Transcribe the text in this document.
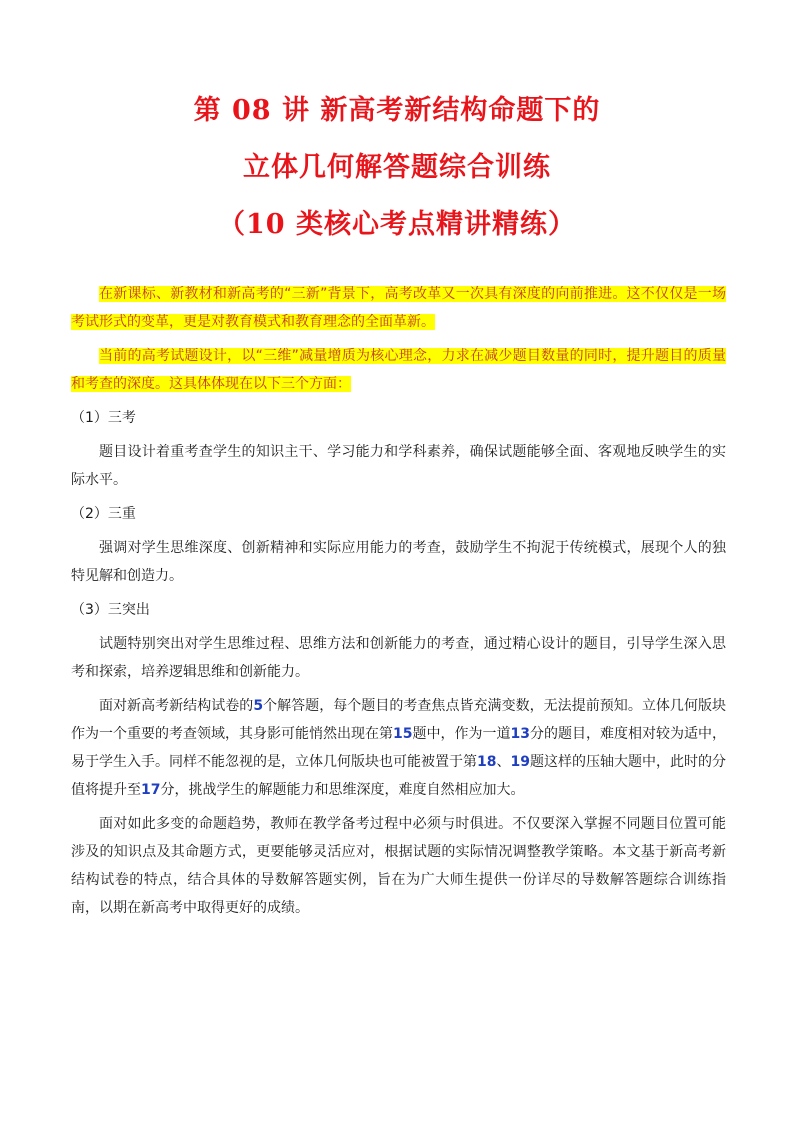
第 08 讲 新高考新结构命题下的
立体几何解答题综合训练
（10 类核心考点精讲精练）

在新课标、新教材和新高考的“三新”背景下，高考改革又一次具有深度的向前推进。这不仅仅是一场考试形式的变革，更是对教育模式和教育理念的全面革新。

当前的高考试题设计，以“三维”减量增质为核心理念，力求在减少题目数量的同时，提升题目的质量和考查的深度。这具体体现在以下三个方面：

（1）三考

题目设计着重考查学生的知识主干、学习能力和学科素养，确保试题能够全面、客观地反映学生的实际水平。

（2）三重

强调对学生思维深度、创新精神和实际应用能力的考查，鼓励学生不拘泥于传统模式，展现个人的独特见解和创造力。

（3）三突出

试题特别突出对学生思维过程、思维方法和创新能力的考查，通过精心设计的题目，引导学生深入思考和探索，培养逻辑思维和创新能力。

面对新高考新结构试卷的5个解答题，每个题目的考查焦点皆充满变数，无法提前预知。立体几何版块作为一个重要的考查领域，其身影可能悄然出现在第15题中，作为一道13分的题目，难度相对较为适中，易于学生入手。同样不能忽视的是，立体几何版块也可能被置于第18、19题这样的压轴大题中，此时的分值将提升至17分，挑战学生的解题能力和思维深度，难度自然相应加大。

面对如此多变的命题趋势，教师在教学备考过程中必须与时俱进。不仅要深入掌握不同题目位置可能涉及的知识点及其命题方式，更要能够灵活应对，根据试题的实际情况调整教学策略。本文基于新高考新结构试卷的特点，结合具体的导数解答题实例，旨在为广大师生提供一份详尽的导数解答题综合训练指南，以期在新高考中取得更好的成绩。
